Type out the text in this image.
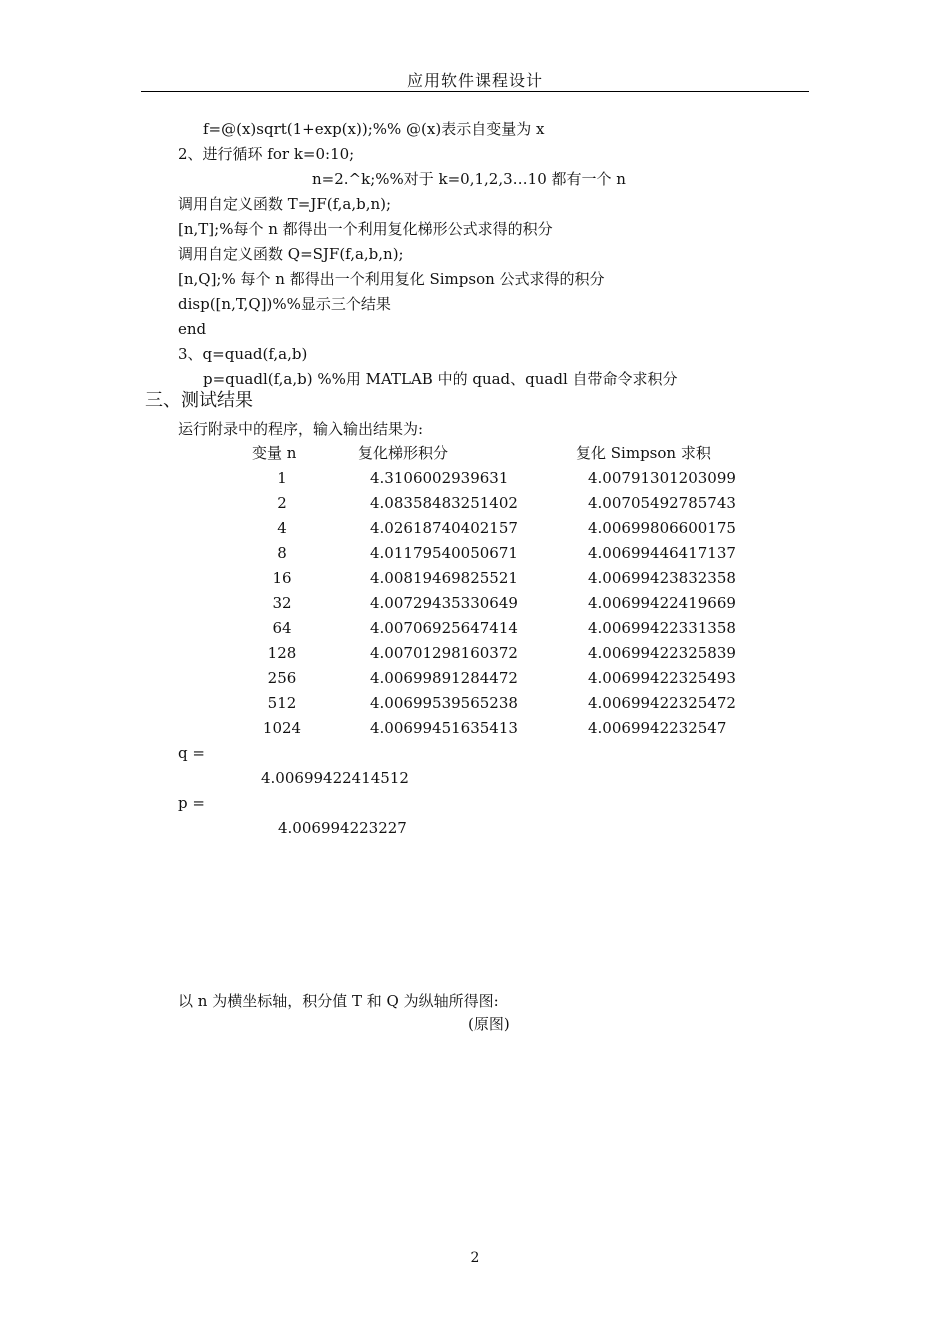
应用软件课程设计
f=@(x)sqrt(1+exp(x));%% @(x)表示自变量为 x
2、进行循环 for k=0:10;
n=2.^k;%%对于 k=0,1,2,3…10 都有一个 n
调用自定义函数 T=JF(f,a,b,n);
[n,T];%每个 n 都得出一个利用复化梯形公式求得的积分
调用自定义函数 Q=SJF(f,a,b,n);
[n,Q];% 每个 n 都得出一个利用复化 Simpson 公式求得的积分
disp([n,T,Q])%%显示三个结果
end
3、q=quad(f,a,b)
p=quadl(f,a,b) %%用 MATLAB 中的 quad、quadl 自带命令求积分
三、测试结果
运行附录中的程序，输入输出结果为:
变量 n	复化梯形积分	复化 Simpson 求积
1	4.3106002939631	4.00791301203099
2	4.08358483251402	4.00705492785743
4	4.02618740402157	4.00699806600175
8	4.01179540050671	4.00699446417137
16	4.00819469825521	4.00699423832358
32	4.00729435330649	4.00699422419669
64	4.00706925647414	4.00699422331358
128	4.00701298160372	4.00699422325839
256	4.00699891284472	4.00699422325493
512	4.00699539565238	4.00699422325472
1024	4.00699451635413	4.0069942232547
q =
4.00699422414512
p =
4.006994223227
以 n 为横坐标轴，积分值 T 和 Q 为纵轴所得图:
(原图)
2
